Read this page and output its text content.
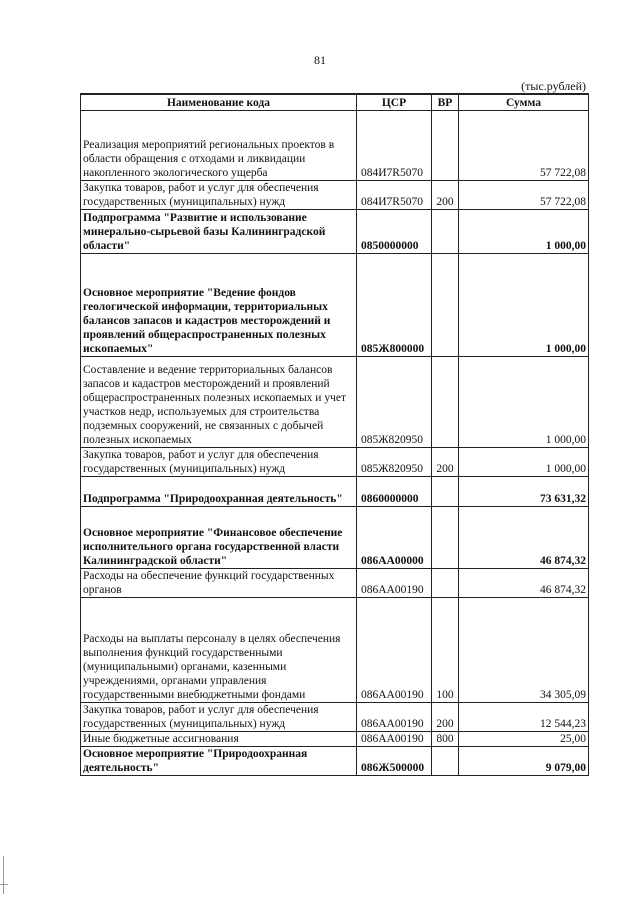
81
(тыс.рублей)
Наименование кода	ЦСР	ВР	Сумма
Реализация мероприятий региональных проектов в области обращения с отходами и ликвидации накопленного экологического ущерба	084И7R5070		57 722,08
Закупка товаров, работ и услуг для обеспечения государственных (муниципальных) нужд	084И7R5070	200	57 722,08
Подпрограмма "Развитие и использование минерально-сырьевой базы Калининградской области"	0850000000		1 000,00
Основное мероприятие "Ведение фондов геологической информации, территориальных балансов запасов и кадастров месторождений и проявлений общераспространенных полезных ископаемых"	085Ж800000		1 000,00
Составление и ведение территориальных балансов запасов и кадастров месторождений и проявлений общераспространенных полезных ископаемых и учет участков недр, используемых для строительства подземных сооружений, не связанных с добычей полезных ископаемых	085Ж820950		1 000,00
Закупка товаров, работ и услуг для обеспечения государственных (муниципальных) нужд	085Ж820950	200	1 000,00
Подпрограмма "Природоохранная деятельность"	0860000000		73 631,32
Основное мероприятие "Финансовое обеспечение исполнительного органа государственной власти Калининградской области"	086АА00000		46 874,32
Расходы на обеспечение функций государственных органов	086АА00190		46 874,32
Расходы на выплаты персоналу в целях обеспечения выполнения функций государственными (муниципальными) органами, казенными учреждениями, органами управления государственными внебюджетными фондами	086АА00190	100	34 305,09
Закупка товаров, работ и услуг для обеспечения государственных (муниципальных) нужд	086АА00190	200	12 544,23
Иные бюджетные ассигнования	086АА00190	800	25,00
Основное мероприятие "Природоохранная деятельность"	086Ж500000		9 079,00
